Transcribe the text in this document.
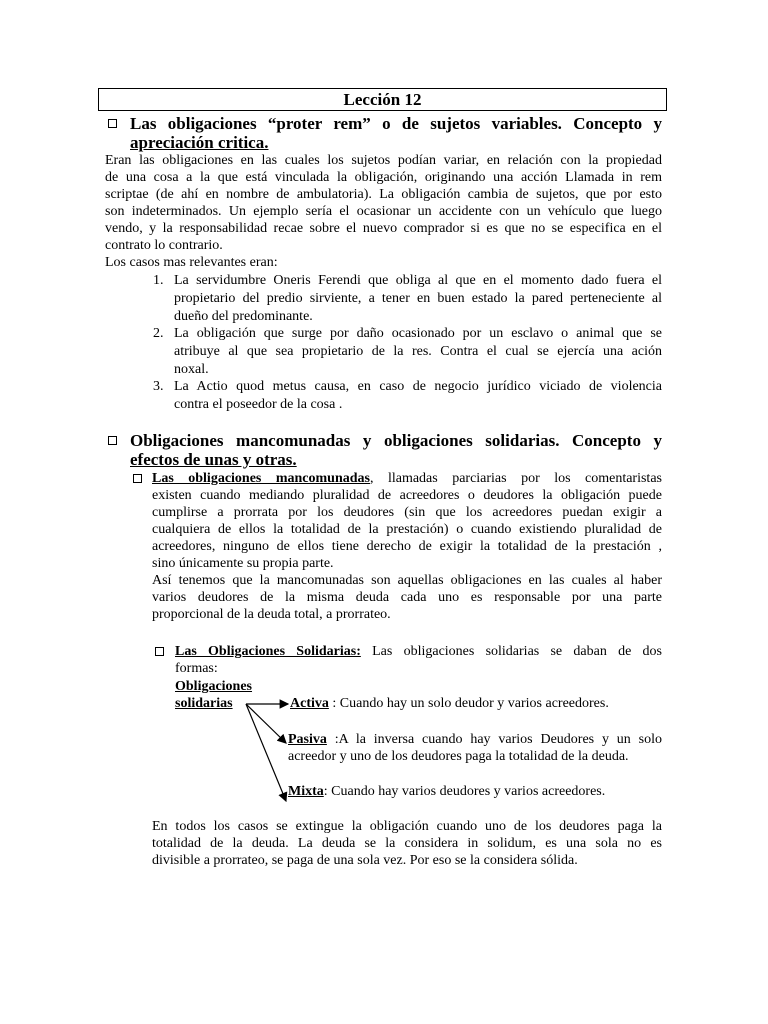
Lección 12
Las obligaciones “proter rem” o de sujetos variables. Concepto y
apreciación critica.
Eran las obligaciones en las cuales los sujetos podían variar, en relación con la propiedad
de una cosa a la que está vinculada la obligación, originando una acción Llamada in rem
scriptae (de ahí en nombre de ambulatoria). La obligación cambia de sujetos, que por esto
son indeterminados. Un ejemplo sería el ocasionar un accidente con un vehículo que luego
vendo, y la responsabilidad recae sobre el nuevo comprador si es que no se especifica en el
contrato lo contrario.
Los casos mas relevantes eran:
1. La servidumbre Oneris Ferendi que obliga al que en el momento dado fuera el
propietario del predio sirviente, a tener en buen estado la pared perteneciente al
dueño del predominante.
2. La obligación que surge por daño ocasionado por un esclavo o animal que se
atribuye al que sea propietario de la res. Contra el cual se ejercía una ación
noxal.
3. La Actio quod metus causa, en caso de negocio jurídico viciado de violencia
contra el poseedor de la cosa .
Obligaciones mancomunadas y obligaciones solidarias. Concepto y
efectos de unas y otras.
Las obligaciones mancomunadas, llamadas parciarias por los comentaristas
existen cuando mediando pluralidad de acreedores o deudores la obligación puede
cumplirse a prorrata por los deudores (sin que los acreedores puedan exigir a
cualquiera de ellos la totalidad de la prestación) o cuando existiendo pluralidad de
acreedores, ninguno de ellos tiene derecho de exigir la totalidad de la prestación ,
sino únicamente su propia parte.
Así tenemos que la mancomunadas son aquellas obligaciones en las cuales al haber
varios deudores de la misma deuda cada uno es responsable por una parte
proporcional de la deuda total, a prorrateo.
Las Obligaciones Solidarias: Las obligaciones solidarias se daban de dos
formas:
Obligaciones
solidarias	Activa : Cuando hay un solo deudor y varios acreedores.
Pasiva :A la inversa cuando hay varios Deudores y un solo
acreedor y uno de los deudores paga la totalidad de la deuda.
Mixta: Cuando hay varios deudores y varios acreedores.
En todos los casos se extingue la obligación cuando uno de los deudores paga la
totalidad de la deuda. La deuda se la considera in solidum, es una sola no es
divisible a prorrateo, se paga de una sola vez. Por eso se la considera sólida.
